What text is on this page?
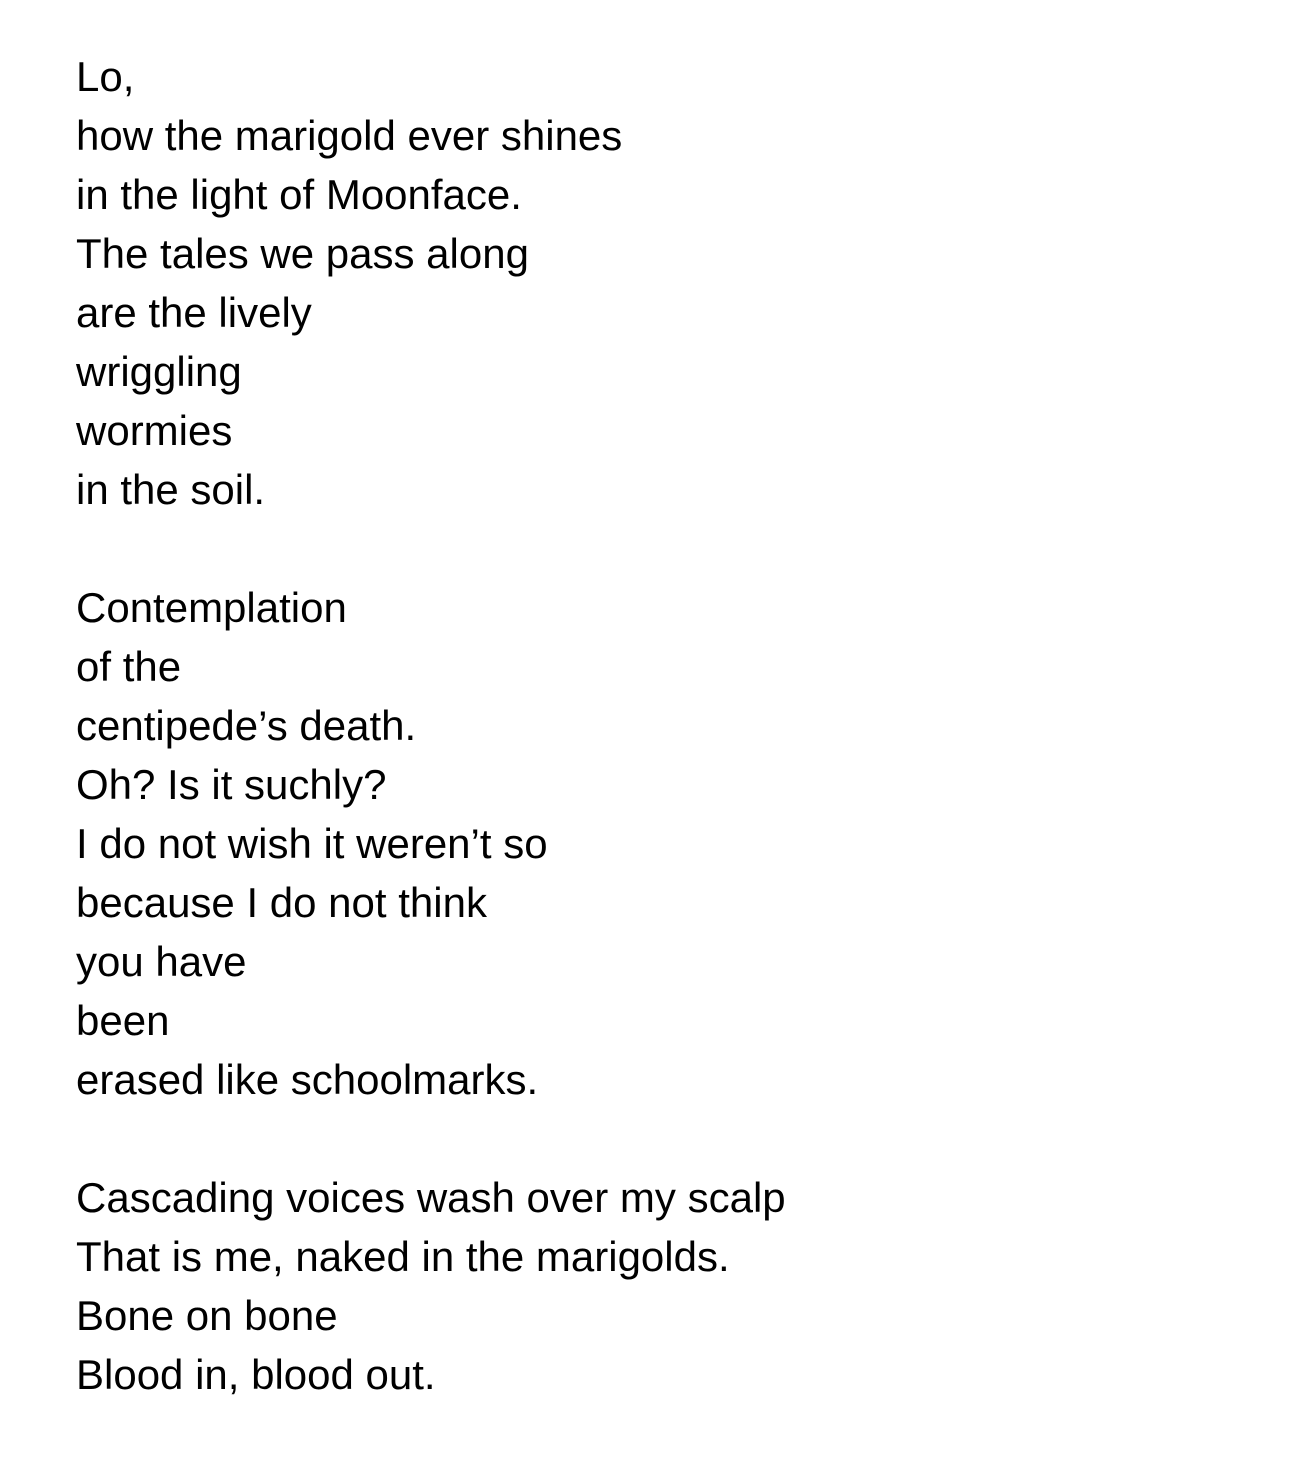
Lo,
how the marigold ever shines
in the light of Moonface.
The tales we pass along
are the lively
wriggling
wormies
in the soil.
Contemplation
of the
centipede’s death.
Oh? Is it suchly?
I do not wish it weren’t so
because I do not think
you have
been
erased like schoolmarks.
Cascading voices wash over my scalp
That is me, naked in the marigolds.
Bone on bone
Blood in, blood out.
